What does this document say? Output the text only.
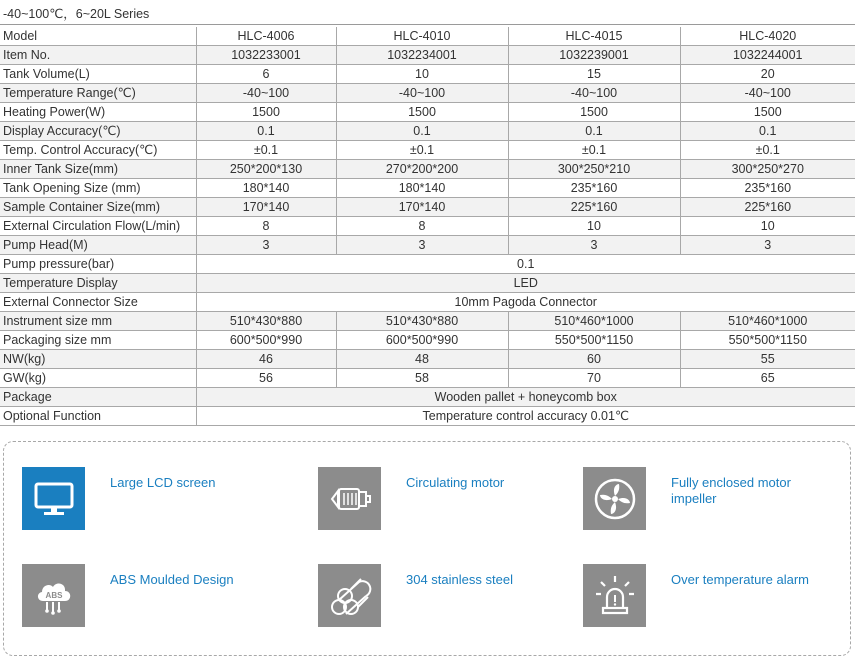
-40~100℃，6~20L Series
Model	HLC-4006	HLC-4010	HLC-4015	HLC-4020
Item No.	1032233001	1032234001	1032239001	1032244001
Tank Volume(L)	6	10	15	20
Temperature Range(℃)	-40~100	-40~100	-40~100	-40~100
Heating Power(W)	1500	1500	1500	1500
Display Accuracy(℃)	0.1	0.1	0.1	0.1
Temp. Control Accuracy(℃)	±0.1	±0.1	±0.1	±0.1
Inner Tank Size(mm)	250*200*130	270*200*200	300*250*210	300*250*270
Tank Opening Size (mm)	180*140	180*140	235*160	235*160
Sample Container Size(mm)	170*140	170*140	225*160	225*160
External Circulation Flow(L/min)	8	8	10	10
Pump Head(M)	3	3	3	3
Pump pressure(bar)	0.1			
Temperature Display	LED			
External Connector Size	10mm Pagoda Connector			
Instrument size mm	510*430*880	510*430*880	510*460*1000	510*460*1000
Packaging size mm	600*500*990	600*500*990	550*500*1150	550*500*1150
NW(kg)	46	48	60	55
GW(kg)	56	58	70	65
Package	Wooden pallet + honeycomb box			
Optional Function	Temperature control accuracy 0.01℃			
Large LCD screen	Circulating motor	Fully enclosed motor impeller
ABS
ABS Moulded Design	304 stainless steel	Over temperature alarm
